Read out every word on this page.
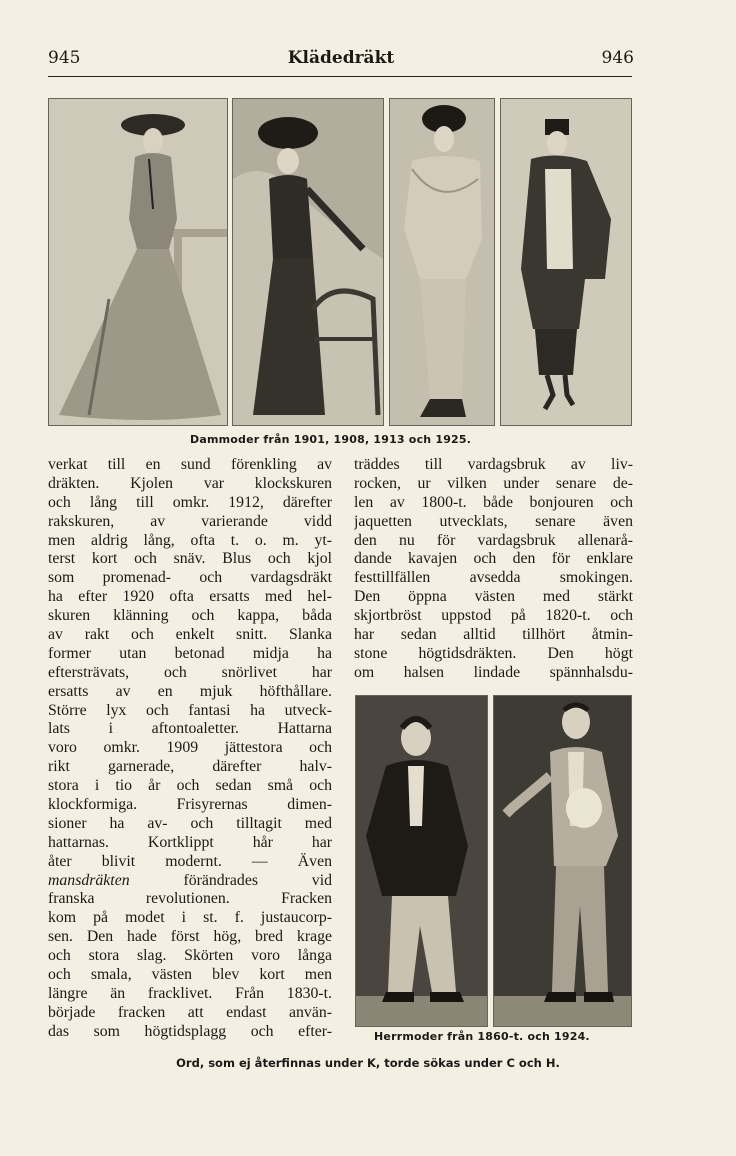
945	Klädedräkt	946
Dammoder från 1901, 1908, 1913 och 1925.
verkat till en sund förenkling av
dräkten. Kjolen var klockskuren
och lång till omkr. 1912, därefter
rakskuren, av varierande vidd
men aldrig lång, ofta t. o. m. yt-
terst kort och snäv. Blus och kjol
som promenad- och vardagsdräkt
ha efter 1920 ofta ersatts med hel-
skuren klänning och kappa, båda
av rakt och enkelt snitt. Slanka
former utan betonad midja ha
eftersträvats, och snörlivet har
ersatts av en mjuk höfthållare.
Större lyx och fantasi ha utveck-
lats i aftontoaletter. Hattarna
voro omkr. 1909 jättestora och
rikt garnerade, därefter halv-
stora i tio år och sedan små och
klockformiga. Frisyrernas dimen-
sioner ha av- och tilltagit med
hattarnas. Kortklippt hår har
åter blivit modernt. — Även
mansdräkten	förändrades vid
franska revolutionen. Fracken
kom på modet i st. f. justaucorp-
sen. Den hade först hög, bred krage
och stora slag. Skörten voro långa
och smala, västen blev kort men
längre än fracklivet. Från 1830-t.
började fracken att endast använ-
das som högtidsplagg och efter-
träddes till vardagsbruk av liv-
rocken, ur vilken under senare de-
len av 1800-t. både bonjouren och
jaquetten utvecklats, senare även
den nu för vardagsbruk allenarå-
dande kavajen och den för enklare
festtillfällen avsedda smokingen.
Den öppna västen med stärkt
skjortbröst uppstod på 1820-t. och
har sedan alltid tillhört åtmin-
stone högtidsdräkten. Den högt
om halsen lindade spännhalsdu-
Herrmoder från 1860-t. och 1924.
Ord, som ej återfinnas under K, torde sökas under C och H.
